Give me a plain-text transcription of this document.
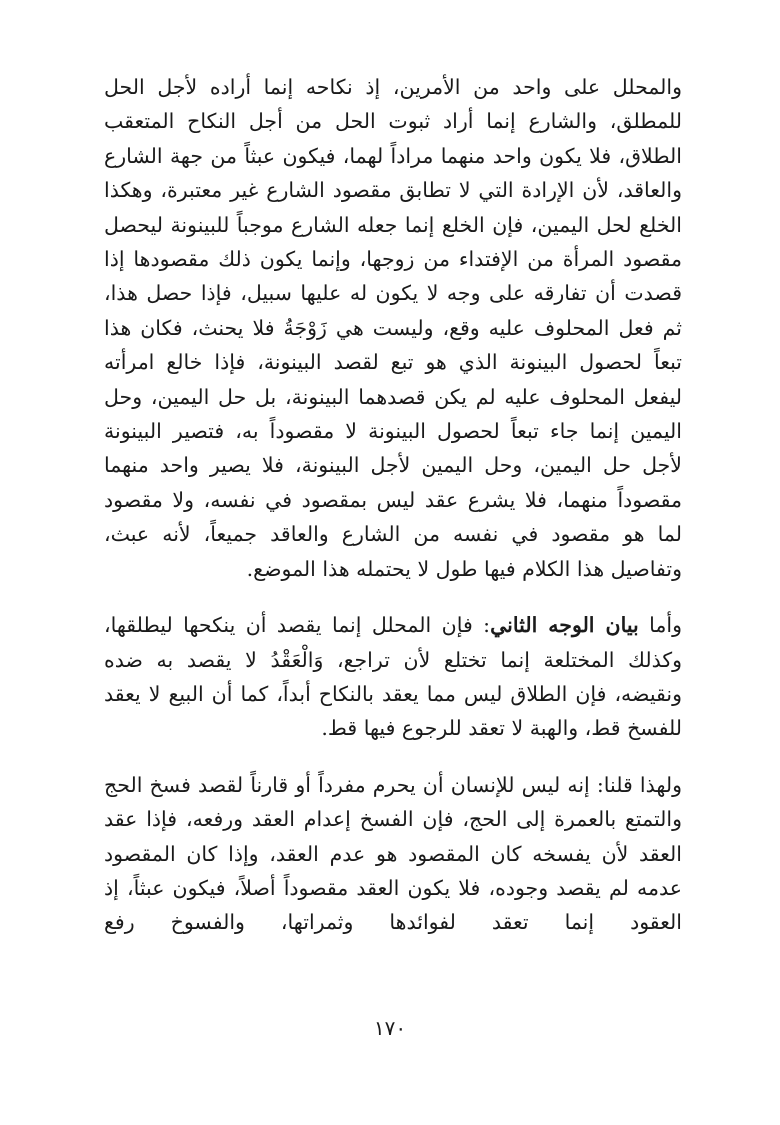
والمحلل على واحد من الأمرين، إذ نكاحه إنما أراده لأجل الحل للمطلق، والشارع إنما أراد ثبوت الحل من أجل النكاح المتعقب الطلاق، فلا يكون واحد منهما مراداً لهما، فيكون عبثاً من جهة الشارع والعاقد، لأن الإرادة التي لا تطابق مقصود الشارع غير معتبرة، وهكذا الخلع لحل اليمين، فإن الخلع إنما جعله الشارع موجباً للبينونة ليحصل مقصود المرأة من الإفتداء من زوجها، وإنما يكون ذلك مقصودها إذا قصدت أن تفارقه على وجه لا يكون له عليها سبيل، فإذا حصل هذا، ثم فعل المحلوف عليه وقع، وليست هي زَوْجَةُ فلا يحنث، فكان هذا تبعاً لحصول البينونة الذي هو تبع لقصد البينونة، فإذا خالع امرأته ليفعل المحلوف عليه لم يكن قصدهما البينونة، بل حل اليمين، وحل اليمين إنما جاء تبعاً لحصول البينونة لا مقصوداً به، فتصير البينونة لأجل حل اليمين، وحل اليمين لأجل البينونة، فلا يصير واحد منهما مقصوداً منهما، فلا يشرع عقد ليس بمقصود في نفسه، ولا مقصود لما هو مقصود في نفسه من الشارع والعاقد جميعاً، لأنه عبث، وتفاصيل هذا الكلام فيها طول لا يحتمله هذا الموضع.

وأما بيان الوجه الثاني: فإن المحلل إنما يقصد أن ينكحها ليطلقها، وكذلك المختلعة إنما تختلع لأن تراجع، وَالْعَقْدُ لا يقصد به ضده ونقيضه، فإن الطلاق ليس مما يعقد بالنكاح أبداً، كما أن البيع لا يعقد للفسخ قط، والهبة لا تعقد للرجوع فيها قط.

ولهذا قلنا: إنه ليس للإنسان أن يحرم مفرداً أو قارناً لقصد فسخ الحج والتمتع بالعمرة إلى الحج، فإن الفسخ إعدام العقد ورفعه، فإذا عقد العقد لأن يفسخه كان المقصود هو عدم العقد، وإذا كان المقصود عدمه لم يقصد وجوده، فلا يكون العقد مقصوداً أصلاً، فيكون عبثاً، إذ العقود إنما تعقد لفوائدها وثمراتها، والفسوخ رفع

١٧٠
